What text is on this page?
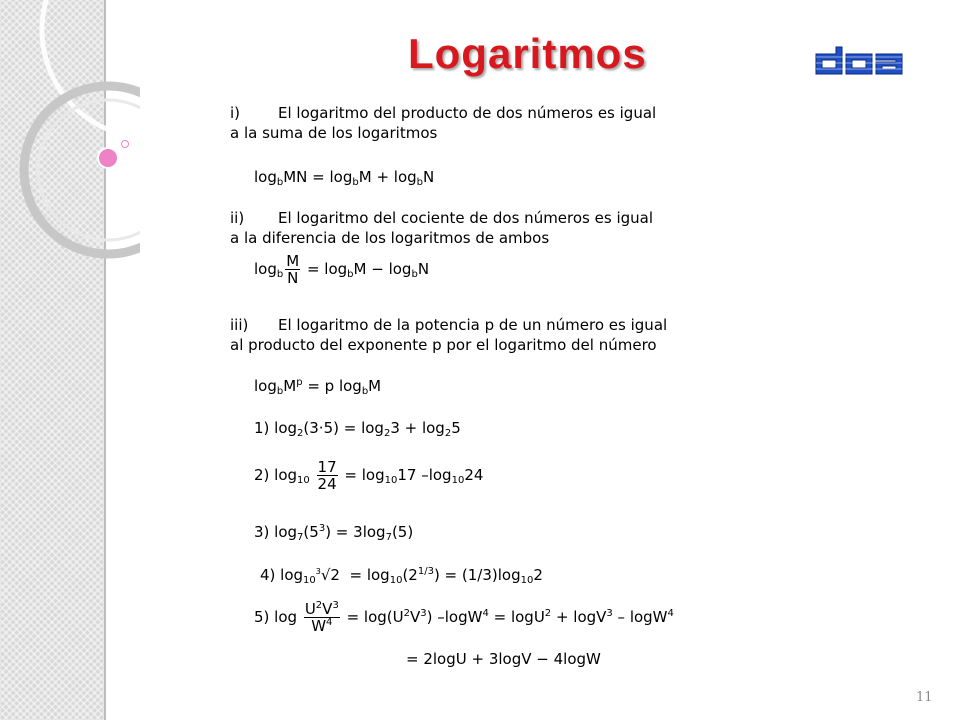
Logaritmos
i)	El logaritmo del producto de dos números es igual
a la suma de los logaritmos
$\log_bMN = \log_bM + \log_bN$
ii) El logaritmo del cociente de dos números es igual
a la diferencia de los logaritmos de ambos
$\log_b \frac{M}{N} = \log_bM - \log_bN$
iii) El logaritmo de la potencia p de un número es igual
al producto del exponente p por el logaritmo del número
$\log_bM^p = p$ $\log_bM$
1) $\log_2(3\cdot 5) = \log_23 + \log_25$
2) $\log_{10} \frac{17}{24} = \log_{10}17$ $-\log_{10}24$
3) $\log_7(5^3) = 3\log_7(5)$
4) $\log_{10}^3√2 = \log_{10}(2^{1/3}) = (1/3)\log_{10}2$
5) $\log \frac{U^2V^3}{W^4} = \log(U^2V^3) -\log W^4 = \log U^2 + \log V^3 - \log W^4$
= 2logU + 3logV − 4logW
11
